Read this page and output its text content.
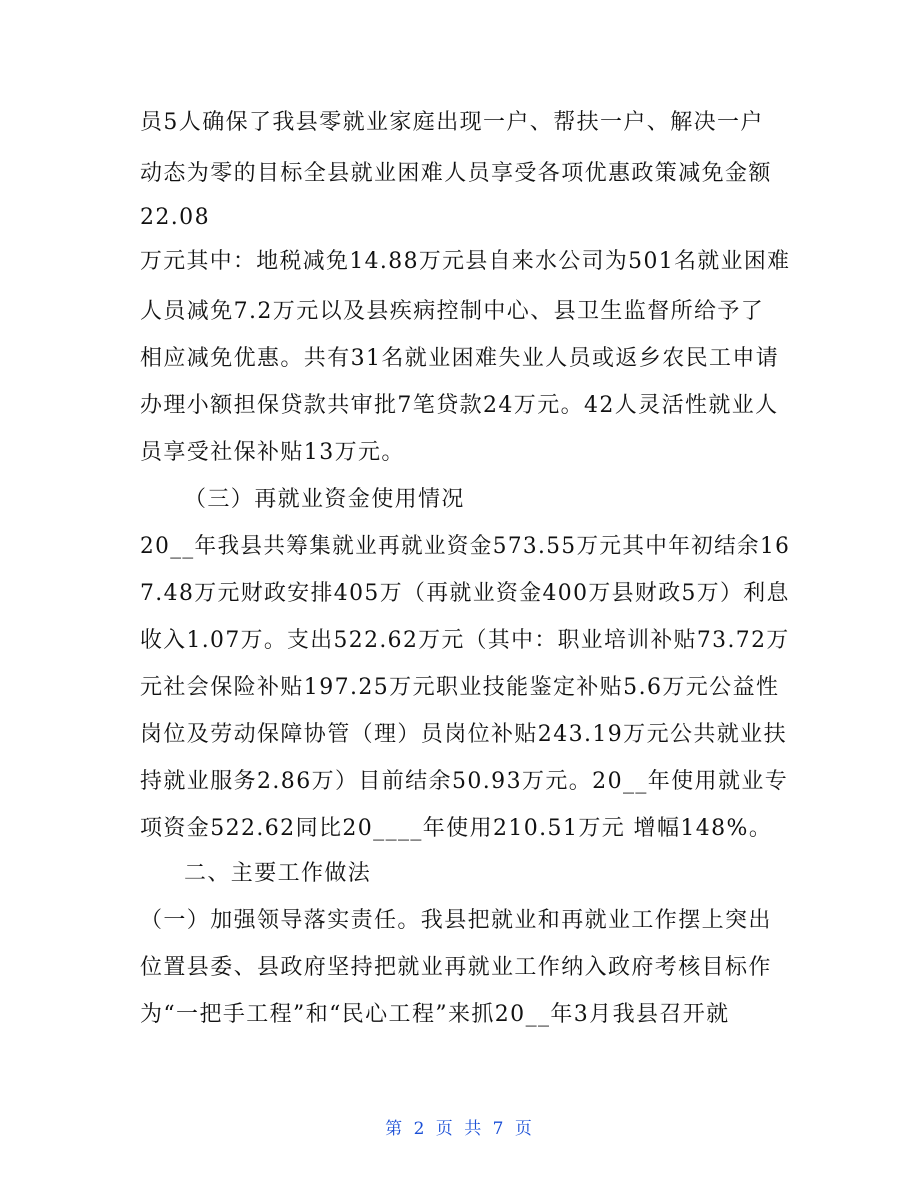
员5人确保了我县零就业家庭出现一户、帮扶一户、解决一户
动态为零的目标全县就业困难人员享受各项优惠政策减免金额
22.08
万元其中：地税减免14.88万元县自来水公司为501名就业困难
人员减免7.2万元以及县疾病控制中心、县卫生监督所给予了
相应减免优惠。共有31名就业困难失业人员或返乡农民工申请
办理小额担保贷款共审批7笔贷款24万元。42人灵活性就业人
员享受社保补贴13万元。
（三）再就业资金使用情况
20__年我县共筹集就业再就业资金573.55万元其中年初结余16
7.48万元财政安排405万（再就业资金400万县财政5万）利息
收入1.07万。支出522.62万元（其中：职业培训补贴73.72万
元社会保险补贴197.25万元职业技能鉴定补贴5.6万元公益性
岗位及劳动保障协管（理）员岗位补贴243.19万元公共就业扶
持就业服务2.86万）目前结余50.93万元。20__年使用就业专
项资金522.62同比20____年使用210.51万元 增幅148%。
二、主要工作做法
（一）加强领导落实责任。我县把就业和再就业工作摆上突出
位置县委、县政府坚持把就业再就业工作纳入政府考核目标作
为“一把手工程”和“民心工程”来抓20__年3月我县召开就
第 2 页 共 7 页
